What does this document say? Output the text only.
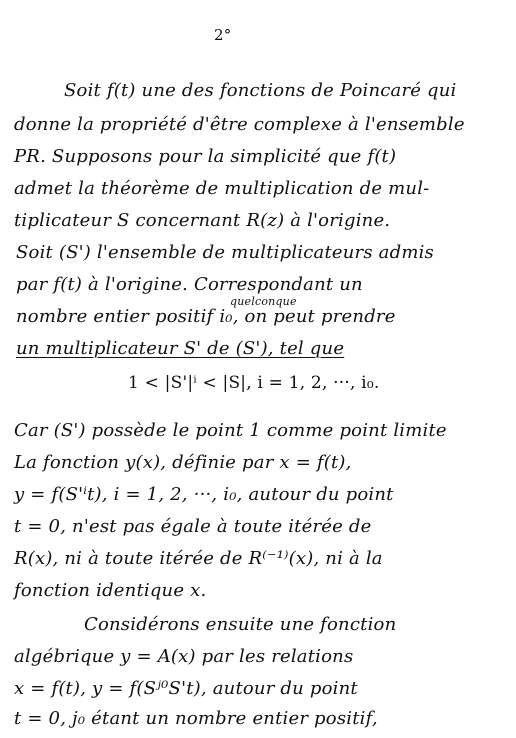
2°
Soit f(t) une des fonctions de Poincaré qui
donne la propriété d'être complexe à l'ensemble
PR. Supposons pour la simplicité que f(t)
admet la théorème de multiplication de mul-
tiplicateur S concernant R(z) à l'origine.
Soit (S') l'ensemble de multiplicateurs admis
par f(t) à l'origine. Correspondant un
quelconque
nombre entier positif i₀, on peut prendre
un multiplicateur S' de (S'), tel que
1 < |S'|ⁱ < |S|, i = 1, 2, ···, i₀.
Car (S') possède le point 1 comme point limite
La fonction y(x), définie par x = f(t),
y = f(S'ⁱt), i = 1, 2, ···, i₀, autour du point
t = 0, n'est pas égale à toute itérée de
R(x), ni à toute itérée de R⁽⁻¹⁾(x), ni à la
fonction identique x.
Considérons ensuite une fonction
algébrique y = A(x) par les relations
x = f(t), y = f(Sʲ⁰S't), autour du point
t = 0, j₀ étant un nombre entier positif,
